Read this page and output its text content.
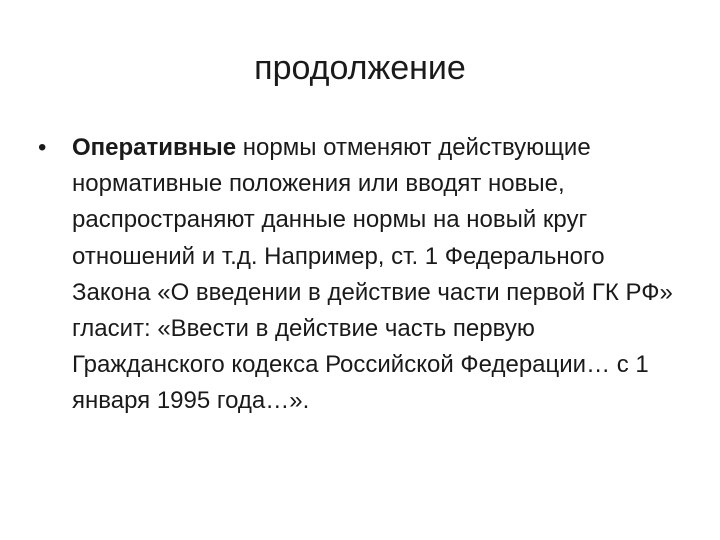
продолжение
• Оперативные нормы отменяют действующие нормативные положения или вводят новые, распространяют данные нормы на новый круг отношений и т.д. Например, ст. 1 Федерального Закона «О введении в действие части первой ГК РФ» гласит: «Ввести в действие часть первую Гражданского кодекса Российской Федерации… с 1 января 1995 года…».
